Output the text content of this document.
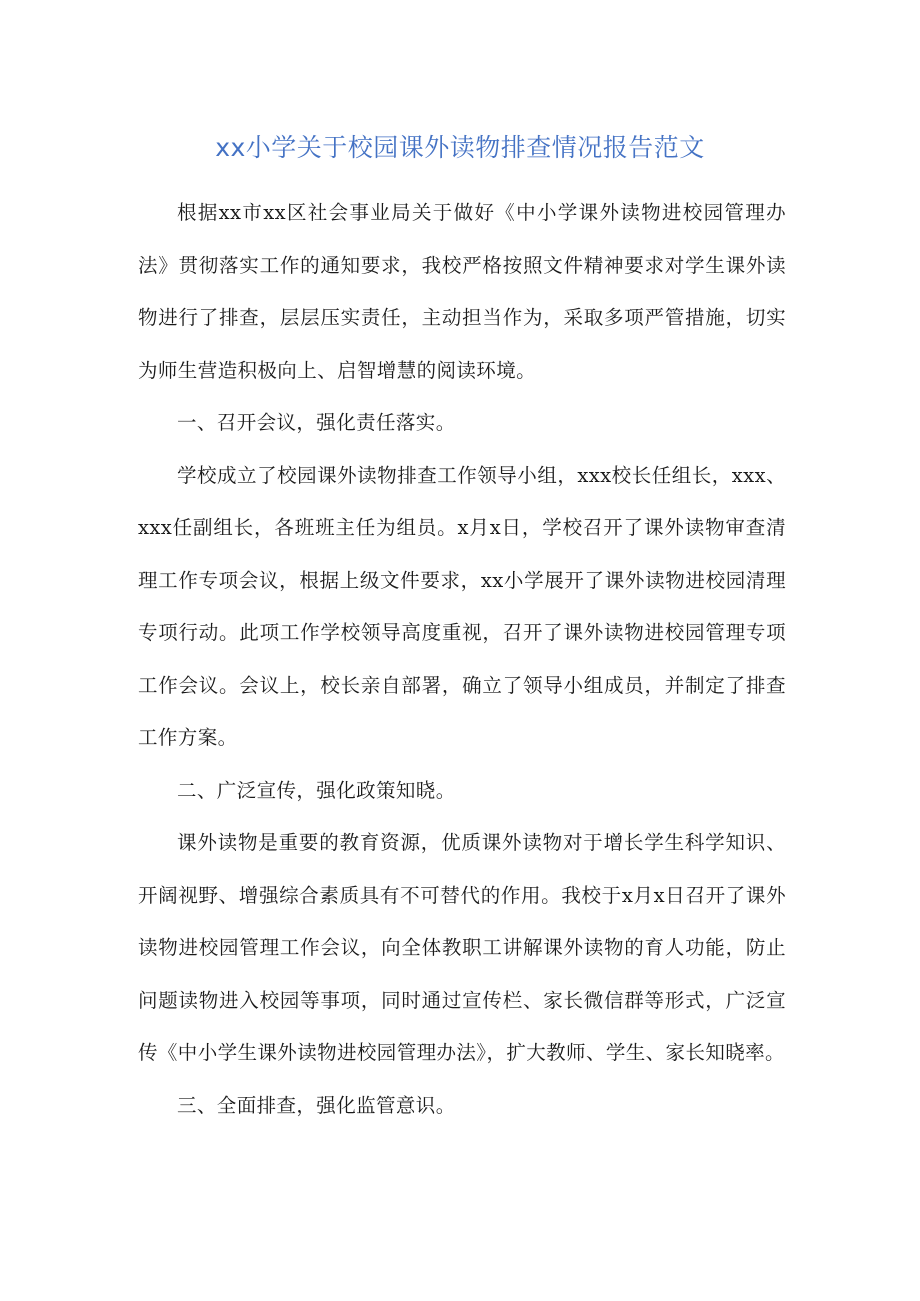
xx小学关于校园课外读物排查情况报告范文

根据xx市xx区社会事业局关于做好《中小学课外读物进校园管理办法》贯彻落实工作的通知要求，我校严格按照文件精神要求对学生课外读物进行了排查，层层压实责任，主动担当作为，采取多项严管措施，切实为师生营造积极向上、启智增慧的阅读环境。

一、召开会议，强化责任落实。

学校成立了校园课外读物排查工作领导小组，xxx校长任组长，xxx、xxx任副组长，各班班主任为组员。x月x日，学校召开了课外读物审查清理工作专项会议，根据上级文件要求，xx小学展开了课外读物进校园清理专项行动。此项工作学校领导高度重视，召开了课外读物进校园管理专项工作会议。会议上，校长亲自部署，确立了领导小组成员，并制定了排查工作方案。

二、广泛宣传，强化政策知晓。

课外读物是重要的教育资源，优质课外读物对于增长学生科学知识、开阔视野、增强综合素质具有不可替代的作用。我校于x月x日召开了课外读物进校园管理工作会议，向全体教职工讲解课外读物的育人功能，防止问题读物进入校园等事项，同时通过宣传栏、家长微信群等形式，广泛宣传《中小学生课外读物进校园管理办法》，扩大教师、学生、家长知晓率。

三、全面排查，强化监管意识。
